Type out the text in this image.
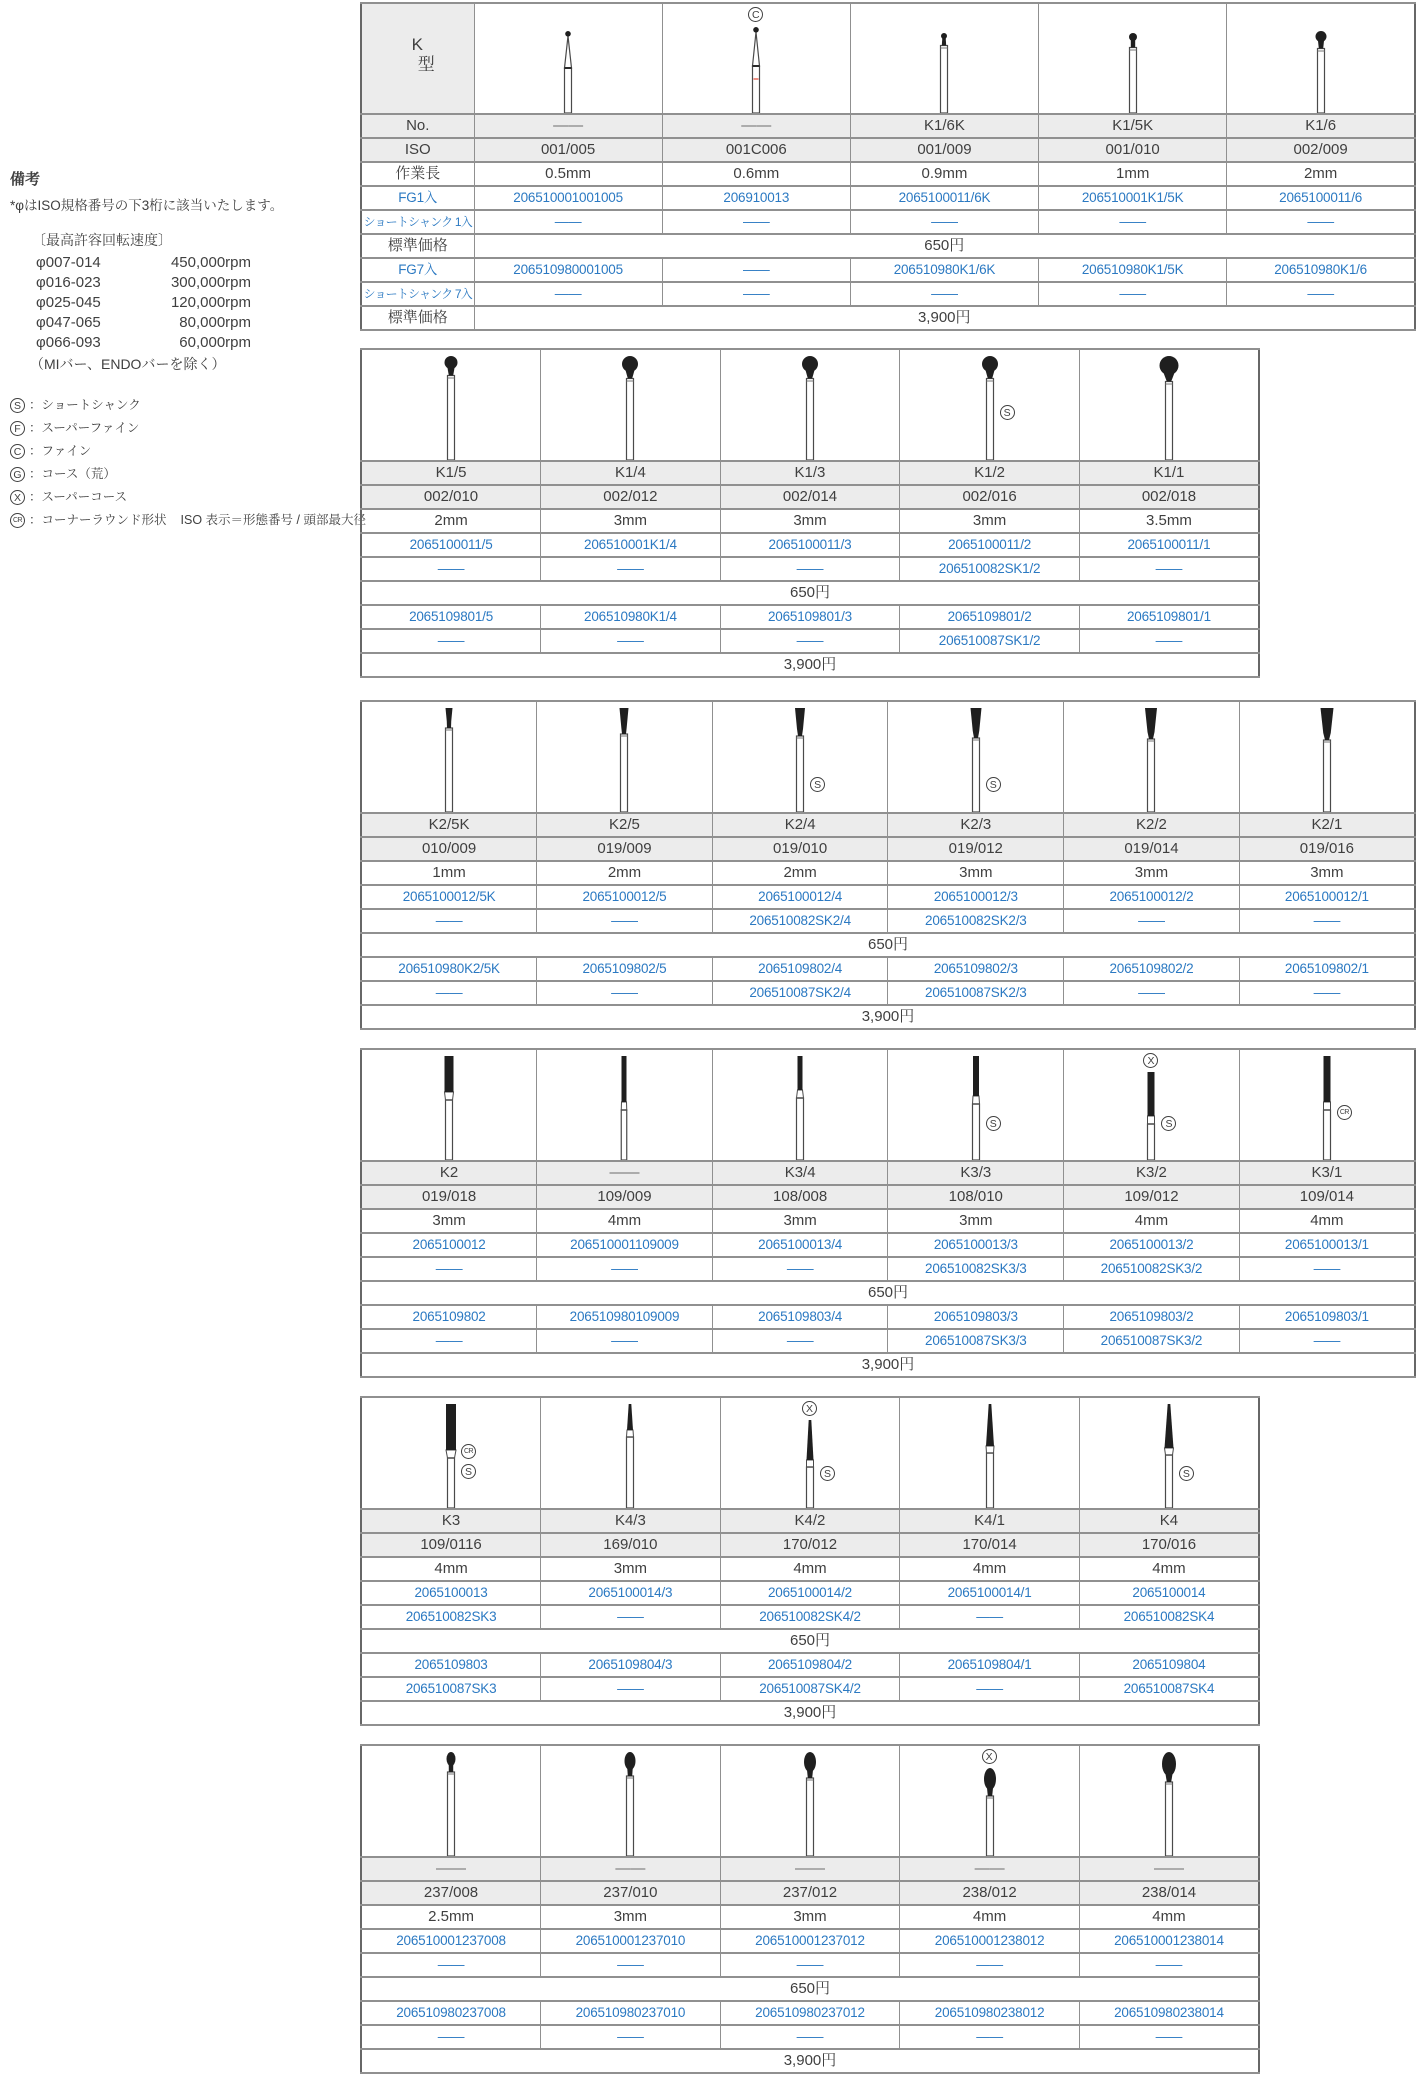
備考
*φはISO規格番号の下3桁に該当いたします。
〔最高許容回転速度〕
φ007-014	450,000rpm
φ016-023	300,000rpm
φ025-045	120,000rpm
φ047-065	80,000rpm
φ066-093	60,000rpm
（MIバー、ENDOバーを除く）
S ：ショートシャンク
F ：スーパーファイン
C ：ファイン
G ：コース（荒）
X ：スーパーコース
CR ：コーナーラウンド形状 ISO 表示＝形態番号 / 頭部最大径
K
型		C

No.	——	——	K1/6K	K1/5K	K1/6
ISO	001/005	001C006	001/009	001/010	002/009
作業長	0.5mm	0.6mm	0.9mm	1mm	2mm
FG1入	206510001001005	206910013	2065100011/6K	206510001K1/5K	2065100011/6
ショートシャンク 1入	——	——	——	——	——
標準価格	650円				
FG7入	206510980001005	——	206510980K1/6K	206510980K1/5K	206510980K1/6
ショートシャンク 7入	——	——	——	——	——
標準価格	3,900円				

S

K1/5	K1/4	K1/3	K1/2	K1/1
002/010	002/012	002/014	002/016	002/018
2mm	3mm	3mm	3mm	3.5mm
2065100011/5	206510001K1/4	2065100011/3	2065100011/2	2065100011/1
——	——	——	206510082SK1/2	——
650円				
2065109801/5	206510980K1/4	2065109801/3	2065109801/2	2065109801/1
——	——	——	206510087SK1/2	——
3,900円				

S	S

K2/5K	K2/5	K2/4	K2/3	K2/2	K2/1
010/009	019/009	019/010	019/012	019/014	019/016
1mm	2mm	2mm	3mm	3mm	3mm
2065100012/5K	2065100012/5	2065100012/4	2065100012/3	2065100012/2	2065100012/1
——	——	206510082SK2/4	206510082SK2/3	——	——
650円					
206510980K2/5K	2065109802/5	2065109802/4	2065109802/3	2065109802/2	2065109802/1
——	——	206510087SK2/4	206510087SK2/3	——	——
3,900円					

S	X
S	CR

K2	——	K3/4	K3/3	K3/2	K3/1
019/018	109/009	108/008	108/010	109/012	109/014
3mm	4mm	3mm	3mm	4mm	4mm
2065100012	206510001109009	2065100013/4	2065100013/3	2065100013/2	2065100013/1
——	——	——	206510082SK3/3	206510082SK3/2	——
650円					
2065109802	206510980109009	2065109803/4	2065109803/3	2065109803/2	2065109803/1
——	——	——	206510087SK3/3	206510087SK3/2	——
3,900円					
CR
S		X
S		S

K3	K4/3	K4/2	K4/1	K4
109/0116	169/010	170/012	170/014	170/016
4mm	3mm	4mm	4mm	4mm
2065100013	2065100014/3	2065100014/2	2065100014/1	2065100014
206510082SK3	——	206510082SK4/2	——	206510082SK4
650円				
2065109803	2065109804/3	2065109804/2	2065109804/1	2065109804
206510087SK3	——	206510087SK4/2	——	206510087SK4
3,900円				

X

——	——	——	——	——
237/008	237/010	237/012	238/012	238/014
2.5mm	3mm	3mm	4mm	4mm
206510001237008	206510001237010	206510001237012	206510001238012	206510001238014
——	——	——	——	——
650円				
206510980237008	206510980237010	206510980237012	206510980238012	206510980238014
——	——	——	——	——
3,900円				
